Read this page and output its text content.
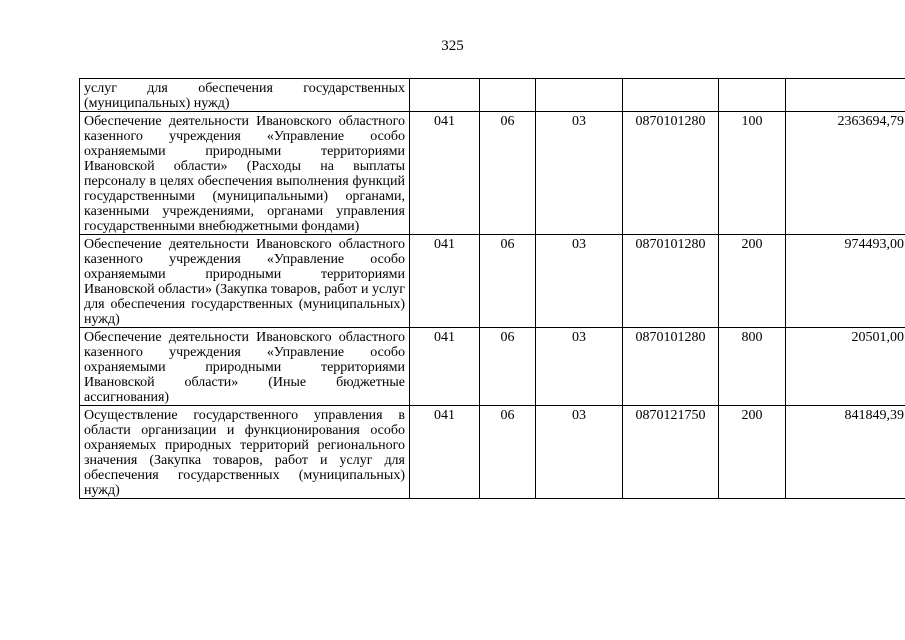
325
услуг для обеспечения государственных (муниципальных) нужд)						
Обеспечение деятельности Ивановского областного казенного учреждения «Управление особо охраняемыми природными территориями Ивановской области» (Расходы на выплаты персоналу в целях обеспечения выполнения функций государственными (муниципальными) органами, казенными учреждениями, органами управления государственными внебюджетными фондами)	041	06	03	0870101280	100	2363694,79
Обеспечение деятельности Ивановского областного казенного учреждения «Управление особо охраняемыми природными территориями Ивановской области» (Закупка товаров, работ и услуг для обеспечения государственных (муниципальных) нужд)	041	06	03	0870101280	200	974493,00
Обеспечение деятельности Ивановского областного казенного учреждения «Управление особо охраняемыми природными территориями Ивановской области» (Иные бюджетные ассигнования)	041	06	03	0870101280	800	20501,00
Осуществление государственного управления в области организации и функционирования особо охраняемых природных территорий регионального значения (Закупка товаров, работ и услуг для обеспечения государственных (муниципальных) нужд)	041	06	03	0870121750	200	841849,39
